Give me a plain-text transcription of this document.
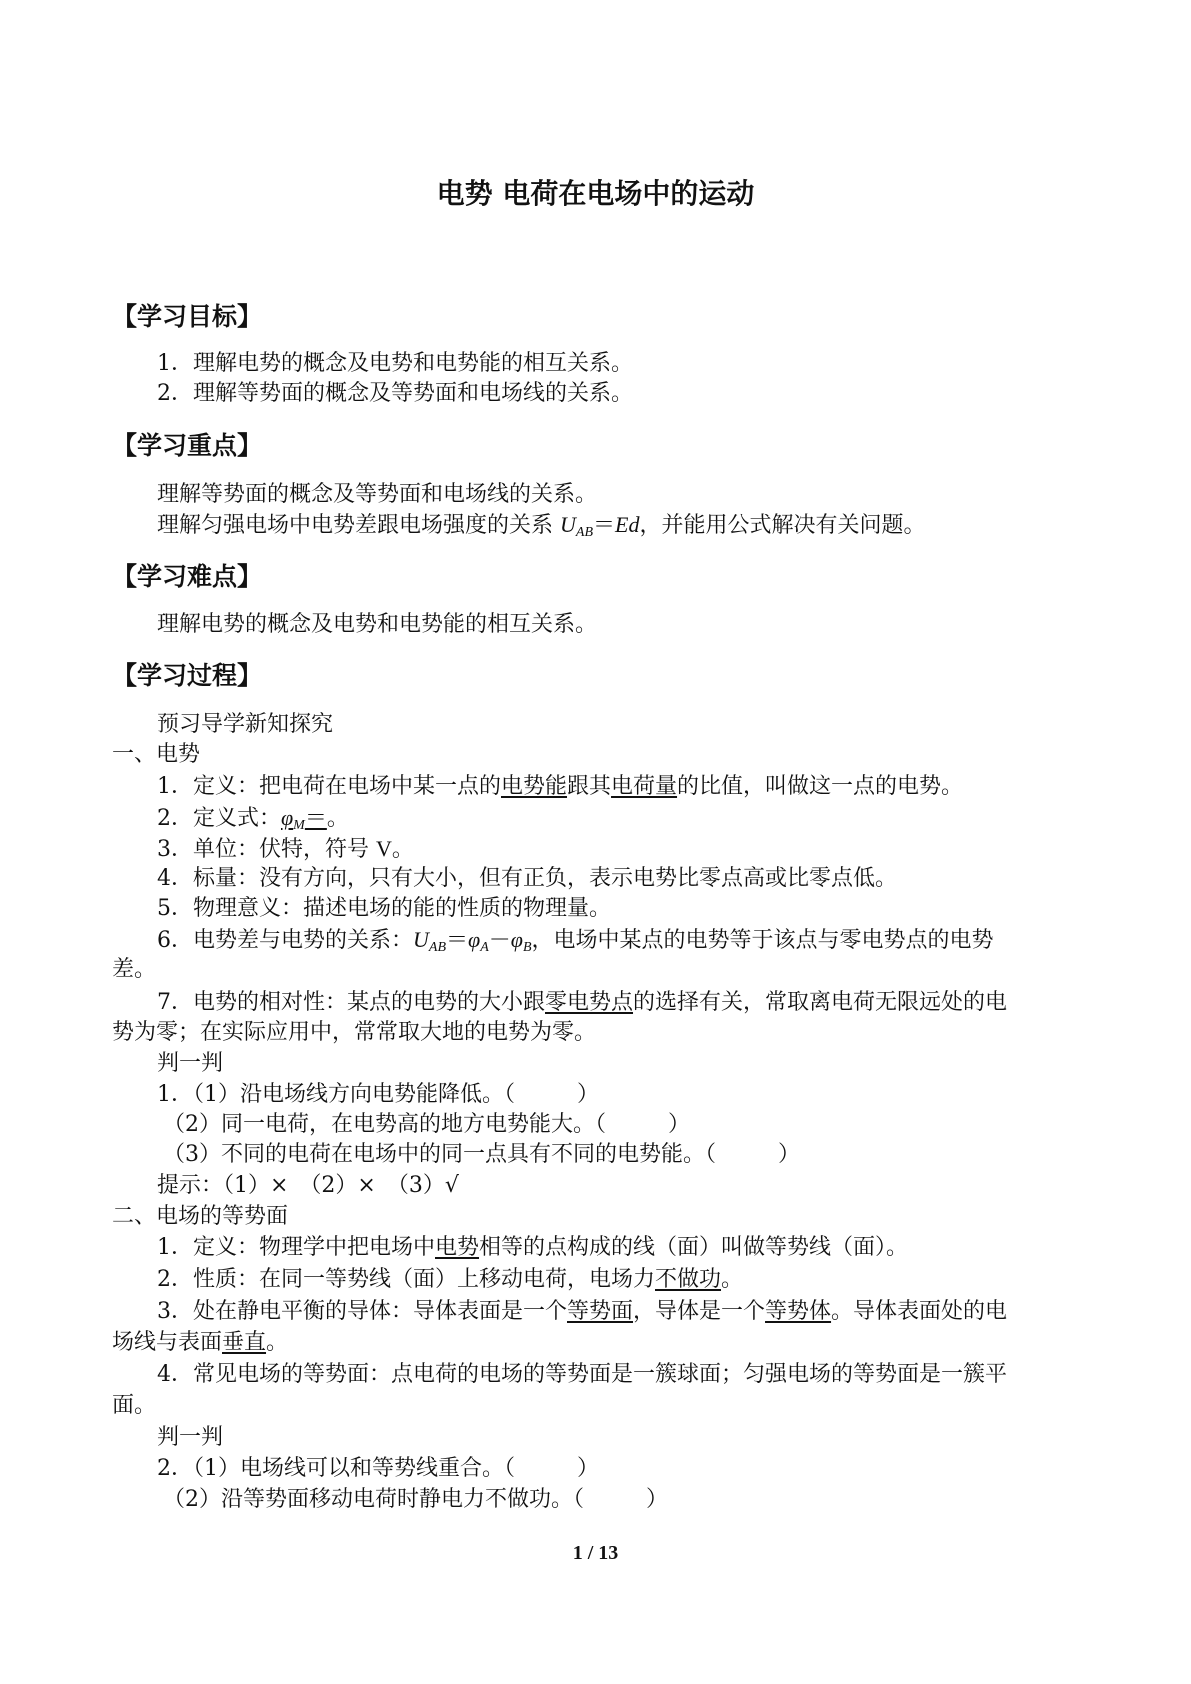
电势 电荷在电场中的运动
【学习目标】
1．理解电势的概念及电势和电势能的相互关系。
2．理解等势面的概念及等势面和电场线的关系。
【学习重点】
理解等势面的概念及等势面和电场线的关系。
理解匀强电场中电势差跟电场强度的关系 UAB＝Ed，并能用公式解决有关问题。
【学习难点】
理解电势的概念及电势和电势能的相互关系。
【学习过程】
预习导学新知探究
一、电势
1．定义：把电荷在电场中某一点的电势能跟其电荷量的比值，叫做这一点的电势。
2．定义式：φM＝。
3．单位：伏特，符号 V。
4．标量：没有方向，只有大小，但有正负，表示电势比零点高或比零点低。
5．物理意义：描述电场的能的性质的物理量。
6．电势差与电势的关系：UAB＝φA－φB，电场中某点的电势等于该点与零电势点的电势
差。
7．电势的相对性：某点的电势的大小跟零电势点的选择有关，常取离电荷无限远处的电
势为零；在实际应用中，常常取大地的电势为零。
判一判
1．（1）沿电场线方向电势能降低。（	）
（2）同一电荷，在电势高的地方电势能大。（	）
（3）不同的电荷在电场中的同一点具有不同的电势能。（	）
提示：（1）×　（2）×　（3）√
二、电场的等势面
1．定义：物理学中把电场中电势相等的点构成的线（面）叫做等势线（面）。
2．性质：在同一等势线（面）上移动电荷，电场力不做功。
3．处在静电平衡的导体：导体表面是一个等势面，导体是一个等势体。导体表面处的电
场线与表面垂直。
4．常见电场的等势面：点电荷的电场的等势面是一簇球面；匀强电场的等势面是一簇平
面。
判一判
2．（1）电场线可以和等势线重合。（	）
（2）沿等势面移动电荷时静电力不做功。（	）
1 / 13
